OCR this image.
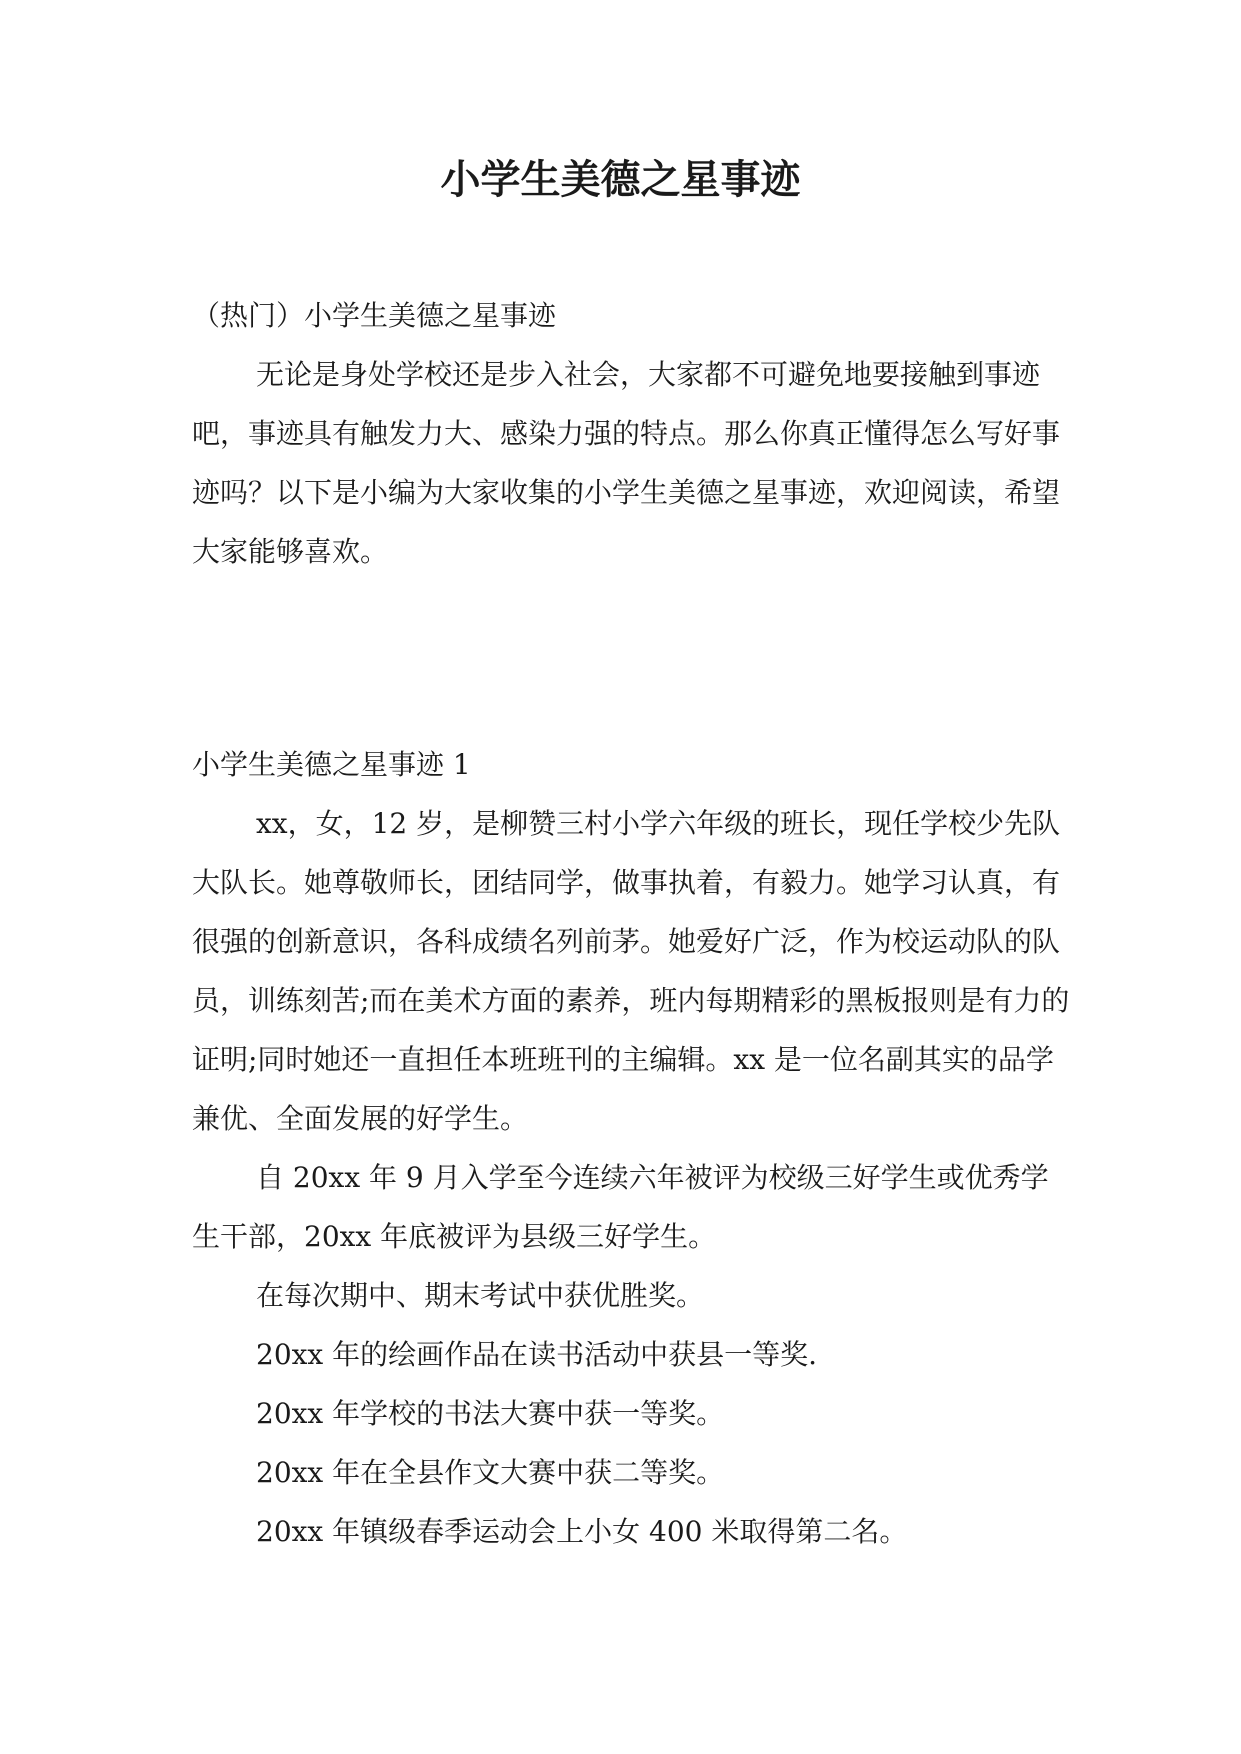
小学生美德之星事迹

（热门）小学生美德之星事迹

无论是身处学校还是步入社会，大家都不可避免地要接触到事迹吧，事迹具有触发力大、感染力强的特点。那么你真正懂得怎么写好事迹吗？以下是小编为大家收集的小学生美德之星事迹，欢迎阅读，希望大家能够喜欢。

小学生美德之星事迹 1

xx，女，12 岁，是柳赞三村小学六年级的班长，现任学校少先队大队长。她尊敬师长，团结同学，做事执着，有毅力。她学习认真，有很强的创新意识，各科成绩名列前茅。她爱好广泛，作为校运动队的队员，训练刻苦;而在美术方面的素养，班内每期精彩的黑板报则是有力的证明;同时她还一直担任本班班刊的主编辑。xx 是一位名副其实的品学兼优、全面发展的好学生。

自 20xx 年 9 月入学至今连续六年被评为校级三好学生或优秀学生干部，20xx 年底被评为县级三好学生。

在每次期中、期末考试中获优胜奖。

20xx 年的绘画作品在读书活动中获县一等奖.

20xx 年学校的书法大赛中获一等奖。

20xx 年在全县作文大赛中获二等奖。

20xx 年镇级春季运动会上小女 400 米取得第二名。
